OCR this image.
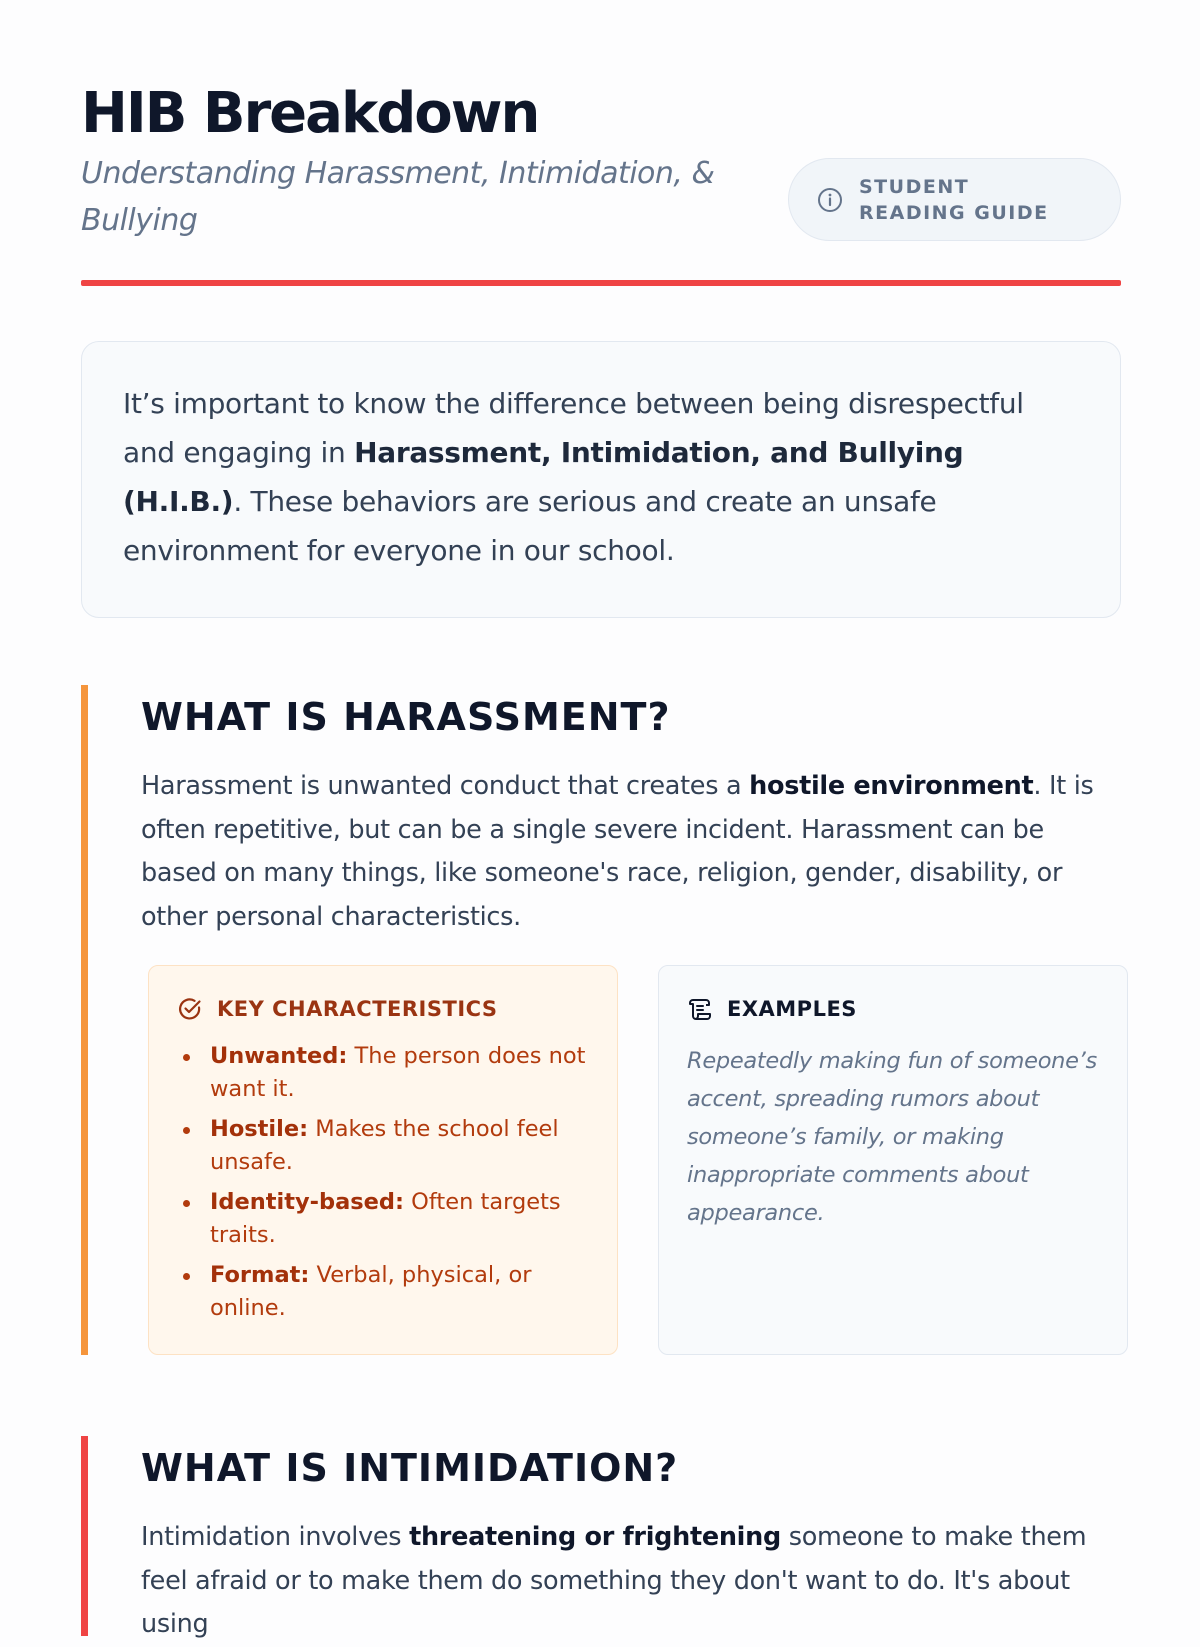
HIB Breakdown
Understanding Harassment, Intimidation, & Bullying
STUDENT READING GUIDE

It’s important to know the difference between being disrespectful and engaging in Harassment, Intimidation, and Bullying (H.I.B.). These behaviors are serious and create an unsafe environment for everyone in our school.

WHAT IS HARASSMENT?

Harassment is unwanted conduct that creates a hostile environment. It is often repetitive, but can be a single severe incident. Harassment can be based on many things, like someone's race, religion, gender, disability, or other personal characteristics.

KEY CHARACTERISTICS
Unwanted: The person does not want it.
Hostile: Makes the school feel unsafe.
Identity-based: Often targets traits.
Format: Verbal, physical, or online.
EXAMPLES

Repeatedly making fun of someone’s accent, spreading rumors about someone’s family, or making inappropriate comments about appearance.

WHAT IS INTIMIDATION?

Intimidation involves threatening or frightening someone to make them feel afraid or to make them do something they don't want to do. It's about using
